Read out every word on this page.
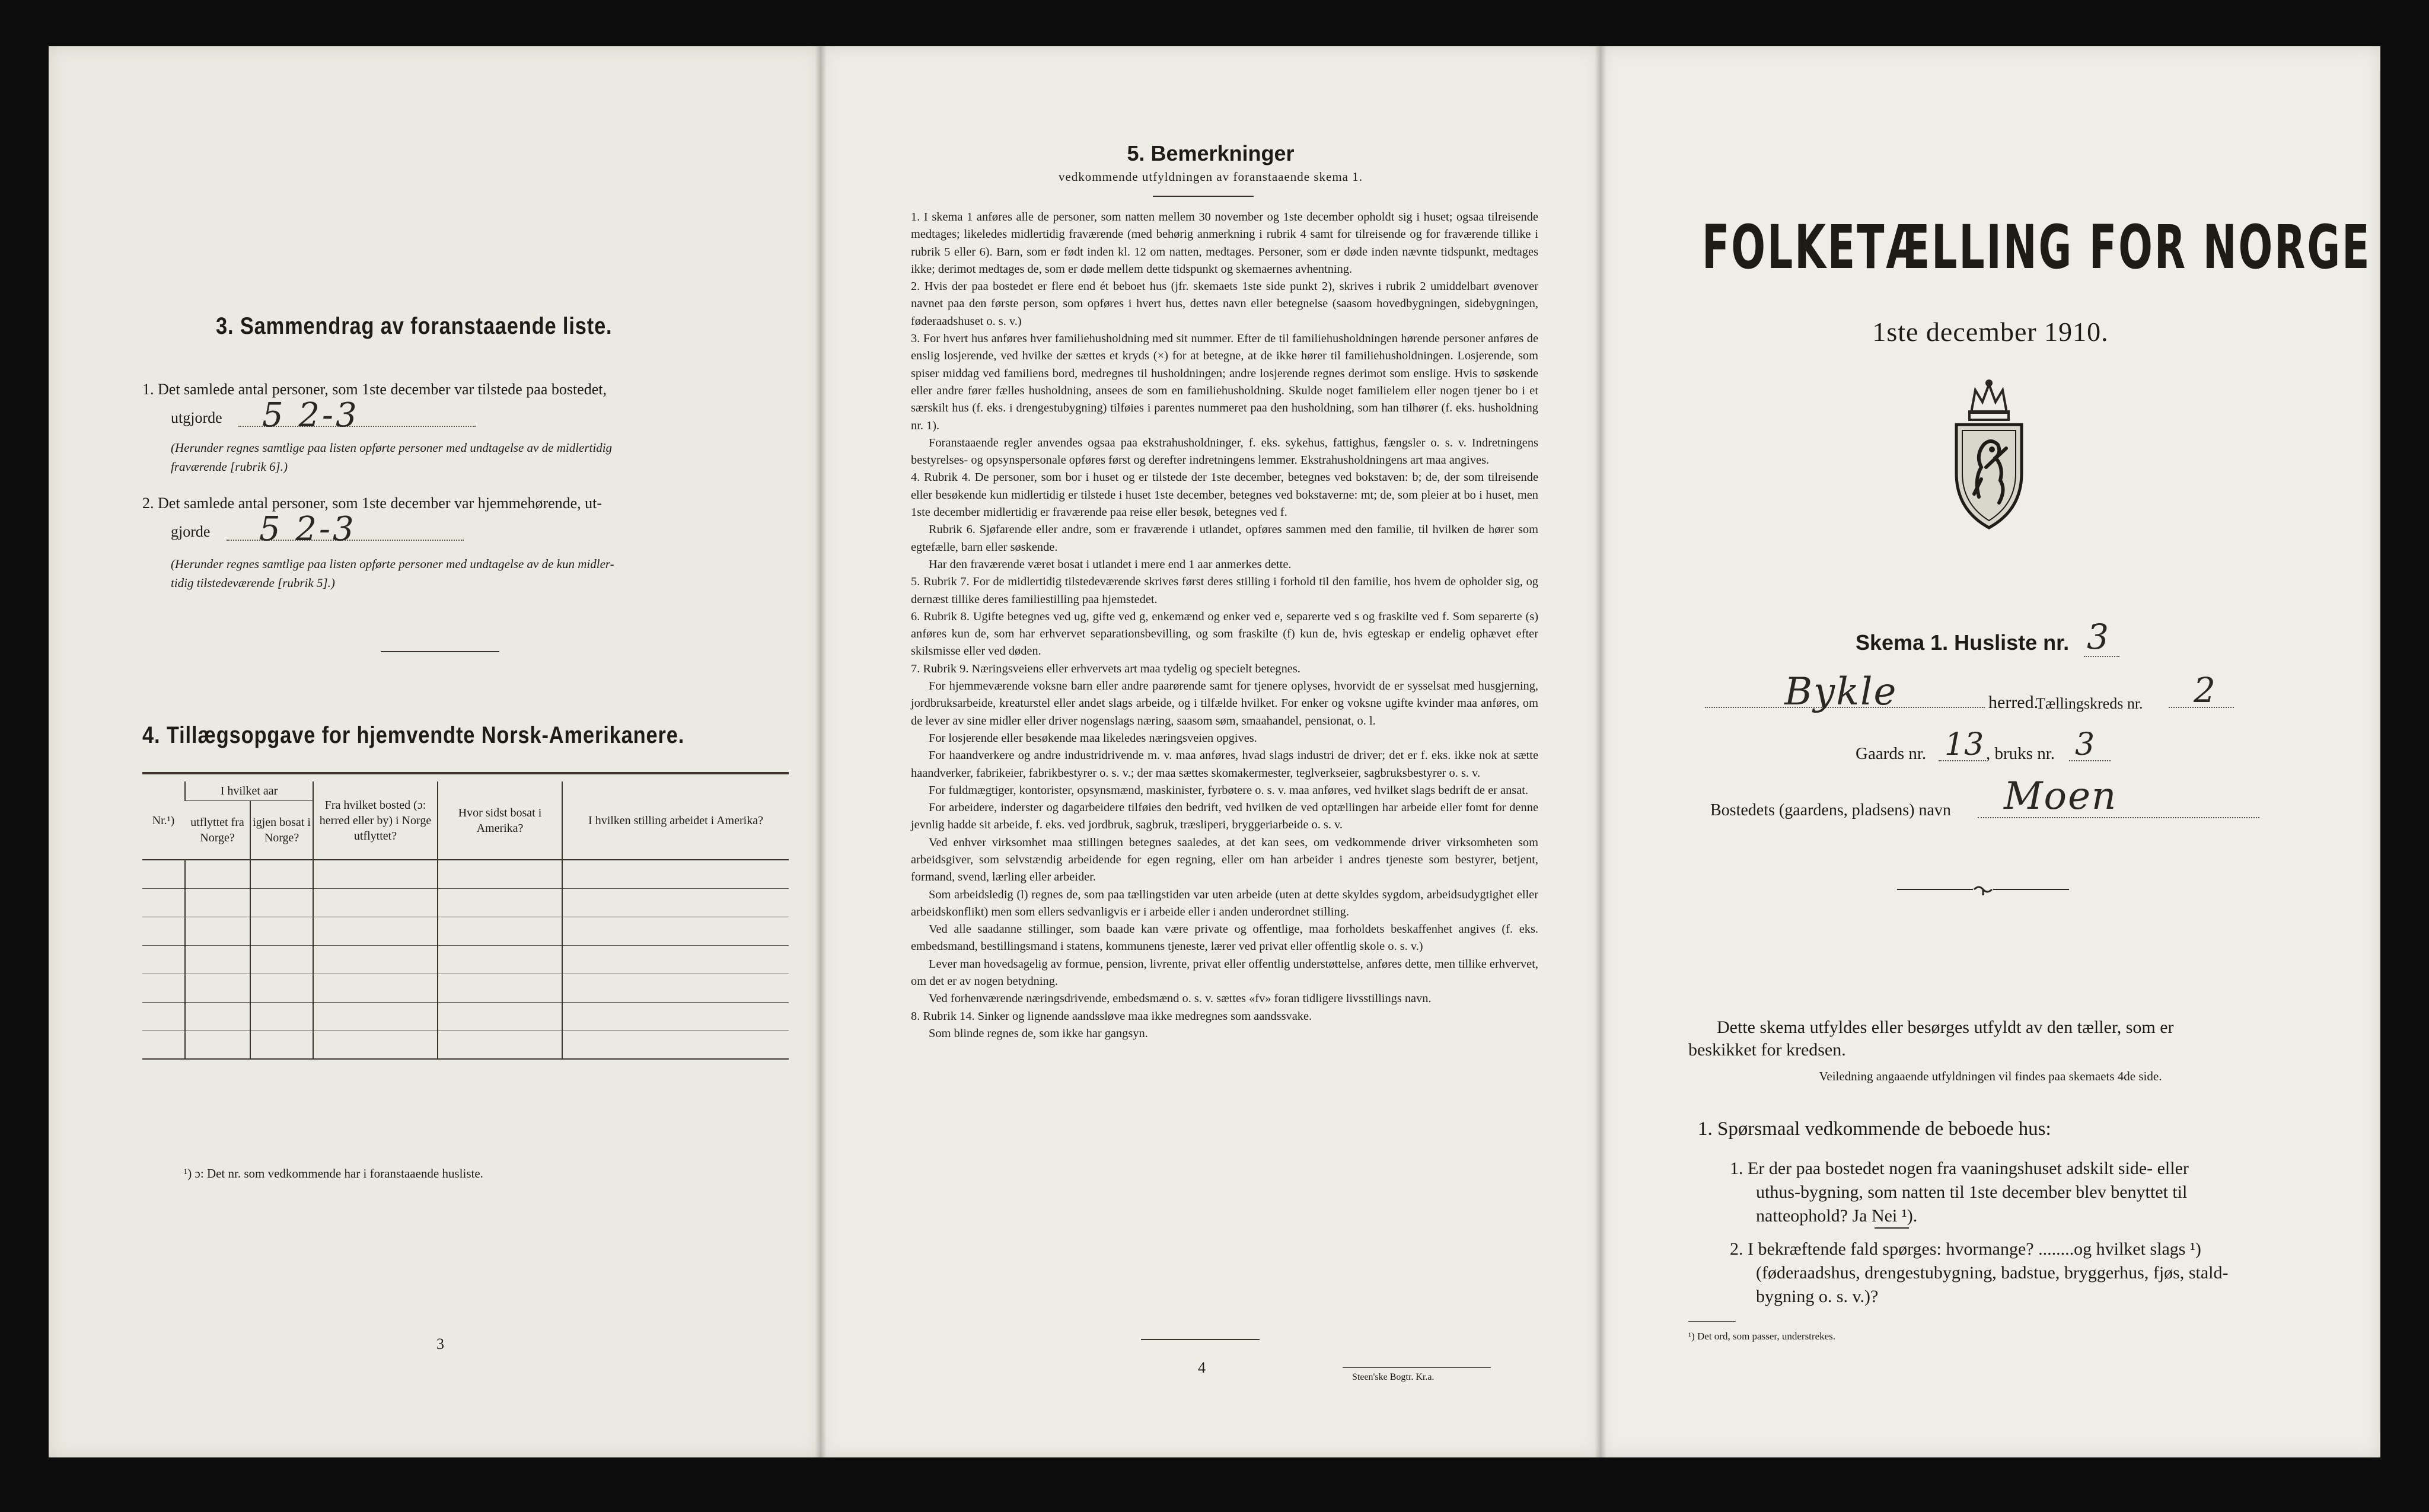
3. Sammendrag av foranstaaende liste.
1. Det samlede antal personer, som 1ste december var tilstede paa bostedet,
utgjorde 5 2-3
(Herunder regnes samtlige paa listen opførte personer med undtagelse av de midlertidig
fraværende [rubrik 6].)
2. Det samlede antal personer, som 1ste december var hjemmehørende, ut-
gjorde 5 2-3
(Herunder regnes samtlige paa listen opførte personer med undtagelse av de kun midler-
tidig tilstedeværende [rubrik 5].)
4. Tillægsopgave for hjemvendte Norsk-Amerikanere.
Nr.¹)	I hvilket aar		Fra hvilket bosted (ɔ: herred eller by) i Norge utflyttet?	Hvor sidst bosat i Amerika?	I hvilken stilling arbeidet i Amerika?
	utflyttet fra Norge?	igjen bosat i Norge?			

¹) ɔ: Det nr. som vedkommende har i foranstaaende husliste.
3
5. Bemerkninger
vedkommende utfyldningen av foranstaaende skema 1.

1. I skema 1 anføres alle de personer, som natten mellem 30 november og 1ste december opholdt sig i huset; ogsaa tilreisende medtages; likeledes midlertidig fraværende (med behørig anmerkning i rubrik 4 samt for tilreisende og for fraværende tillike i rubrik 5 eller 6). Barn, som er født inden kl. 12 om natten, medtages. Personer, som er døde inden nævnte tidspunkt, medtages ikke; derimot medtages de, som er døde mellem dette tidspunkt og skemaernes avhentning.

2. Hvis der paa bostedet er flere end ét beboet hus (jfr. skemaets 1ste side punkt 2), skrives i rubrik 2 umiddelbart øvenover navnet paa den første person, som opføres i hvert hus, dettes navn eller betegnelse (saasom hovedbygningen, sidebygningen, føderaadshuset o. s. v.)

3. For hvert hus anføres hver familiehusholdning med sit nummer. Efter de til familiehusholdningen hørende personer anføres de enslig losjerende, ved hvilke der sættes et kryds (×) for at betegne, at de ikke hører til familiehusholdningen. Losjerende, som spiser middag ved familiens bord, medregnes til husholdningen; andre losjerende regnes derimot som enslige. Hvis to søskende eller andre fører fælles husholdning, ansees de som en familiehusholdning. Skulde noget familielem eller nogen tjener bo i et særskilt hus (f. eks. i drengestubygning) tilføies i parentes nummeret paa den husholdning, som han tilhører (f. eks. husholdning nr. 1).

Foranstaaende regler anvendes ogsaa paa ekstrahusholdninger, f. eks. sykehus, fattighus, fængsler o. s. v. Indretningens bestyrelses- og opsynspersonale opføres først og derefter indretningens lemmer. Ekstrahusholdningens art maa angives.

4. Rubrik 4. De personer, som bor i huset og er tilstede der 1ste december, betegnes ved bokstaven: b; de, der som tilreisende eller besøkende kun midlertidig er tilstede i huset 1ste december, betegnes ved bokstaverne: mt; de, som pleier at bo i huset, men 1ste december midlertidig er fraværende paa reise eller besøk, betegnes ved f.

Rubrik 6. Sjøfarende eller andre, som er fraværende i utlandet, opføres sammen med den familie, til hvilken de hører som egtefælle, barn eller søskende.

Har den fraværende været bosat i utlandet i mere end 1 aar anmerkes dette.

5. Rubrik 7. For de midlertidig tilstedeværende skrives først deres stilling i forhold til den familie, hos hvem de opholder sig, og dernæst tillike deres familiestilling paa hjemstedet.

6. Rubrik 8. Ugifte betegnes ved ug, gifte ved g, enkemænd og enker ved e, separerte ved s og fraskilte ved f. Som separerte (s) anføres kun de, som har erhvervet separationsbevilling, og som fraskilte (f) kun de, hvis egteskap er endelig ophævet efter skilsmisse eller ved døden.

7. Rubrik 9. Næringsveiens eller erhvervets art maa tydelig og specielt betegnes.

For hjemmeværende voksne barn eller andre paarørende samt for tjenere oplyses, hvorvidt de er sysselsat med husgjerning, jordbruksarbeide, kreaturstel eller andet slags arbeide, og i tilfælde hvilket. For enker og voksne ugifte kvinder maa anføres, om de lever av sine midler eller driver nogenslags næring, saasom søm, smaahandel, pensionat, o. l.

For losjerende eller besøkende maa likeledes næringsveien opgives.

For haandverkere og andre industridrivende m. v. maa anføres, hvad slags industri de driver; det er f. eks. ikke nok at sætte haandverker, fabrikeier, fabrikbestyrer o. s. v.; der maa sættes skomakermester, teglverkseier, sagbruksbestyrer o. s. v.

For fuldmægtiger, kontorister, opsynsmænd, maskinister, fyrbøtere o. s. v. maa anføres, ved hvilket slags bedrift de er ansat.

For arbeidere, inderster og dagarbeidere tilføies den bedrift, ved hvilken de ved optællingen har arbeide eller fomt for denne jevnlig hadde sit arbeide, f. eks. ved jordbruk, sagbruk, træsliperi, bryggeriarbeide o. s. v.

Ved enhver virksomhet maa stillingen betegnes saaledes, at det kan sees, om vedkommende driver virksomheten som arbeidsgiver, som selvstændig arbeidende for egen regning, eller om han arbeider i andres tjeneste som bestyrer, betjent, formand, svend, lærling eller arbeider.

Som arbeidsledig (l) regnes de, som paa tællingstiden var uten arbeide (uten at dette skyldes sygdom, arbeidsudygtighet eller arbeidskonflikt) men som ellers sedvanligvis er i arbeide eller i anden underordnet stilling.

Ved alle saadanne stillinger, som baade kan være private og offentlige, maa forholdets beskaffenhet angives (f. eks. embedsmand, bestillingsmand i statens, kommunens tjeneste, lærer ved privat eller offentlig skole o. s. v.)

Lever man hovedsagelig av formue, pension, livrente, privat eller offentlig understøttelse, anføres dette, men tillike erhvervet, om det er av nogen betydning.

Ved forhenværende næringsdrivende, embedsmænd o. s. v. sættes «fv» foran tidligere livsstillings navn.

8. Rubrik 14. Sinker og lignende aandssløve maa ikke medregnes som aandssvake.

Som blinde regnes de, som ikke har gangsyn.

4
Steen'ske Bogtr. Kr.a.
FOLKETÆLLING FOR NORGE
1ste december 1910.
Skema 1. Husliste nr. 3
Bykle	herred.
Tællingskreds nr. 2
Gaards nr. 13 , bruks nr. 3
Bostedets (gaardens, pladsens) navn Moen
Dette skema utfyldes eller besørges utfyldt av den tæller, som er
beskikket for kredsen.
Veiledning angaaende utfyldningen vil findes paa skemaets 4de side.
1. Spørsmaal vedkommende de beboede hus:
1. Er der paa bostedet nogen fra vaaningshuset adskilt side- eller
uthus-bygning, som natten til 1ste december blev benyttet til
natteophold? Ja Nei ¹).
2. I bekræftende fald spørges: hvormange? ........og hvilket slags ¹)
(føderaadshus, drengestubygning, badstue, bryggerhus, fjøs, stald-
bygning o. s. v.)?
¹) Det ord, som passer, understrekes.
